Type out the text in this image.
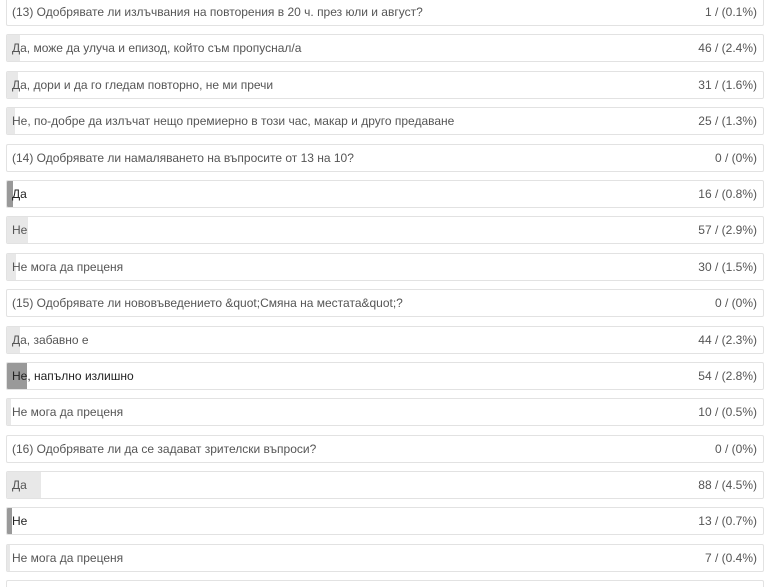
(13) Одобрявате ли излъчвания на повторения в 20 ч. през юли и август?	1 / (0.1%)
Да, може да улуча и епизод, който съм пропуснал/а	46 / (2.4%)
Да, дори и да го гледам повторно, не ми пречи	31 / (1.6%)
Не, по-добре да излъчат нещо премиерно в този час, макар и друго предаване	25 / (1.3%)
(14) Одобрявате ли намаляването на въпросите от 13 на 10?	0 / (0%)
Да	16 / (0.8%)
Не	57 / (2.9%)
Не мога да преценя	30 / (1.5%)
(15) Одобрявате ли нововъведението &quot;Смяна на местата&quot;?	0 / (0%)
Да, забавно е	44 / (2.3%)
Не, напълно излишно	54 / (2.8%)
Не мога да преценя	10 / (0.5%)
(16) Одобрявате ли да се задават зрителски въпроси?	0 / (0%)
Да	88 / (4.5%)
Не	13 / (0.7%)
Не мога да преценя	7 / (0.4%)
